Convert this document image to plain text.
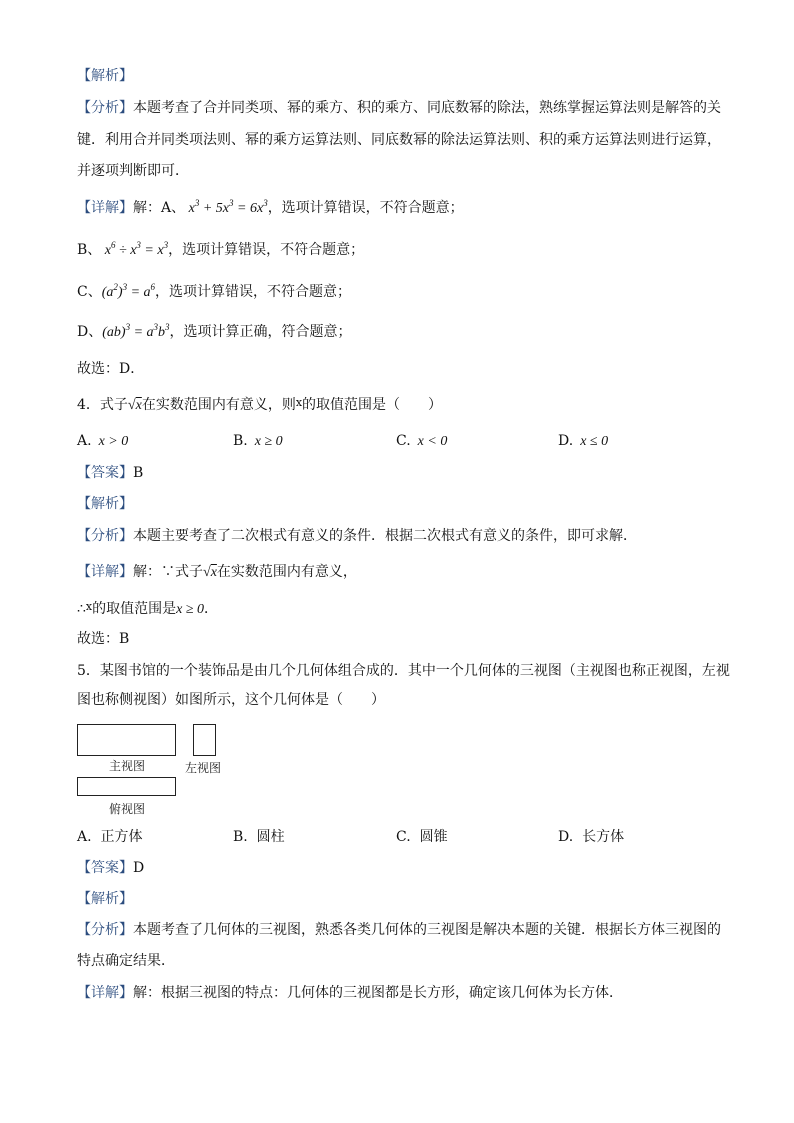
【解析】
【分析】本题考查了合并同类项、幂的乘方、积的乘方、同底数幂的除法，熟练掌握运算法则是解答的关
键．利用合并同类项法则、幂的乘方运算法则、同底数幂的除法运算法则、积的乘方运算法则进行运算，
并逐项判断即可．
【详解】解：A、 $x^3 + 5x^3 = 6x^3$，选项计算错误，不符合题意；
B、 $x^6 \div x^3 = x^3$，选项计算错误，不符合题意；
C、$(a^2)^3 = a^6$，选项计算错误，不符合题意；
D、$(ab)^3 = a^3b^3$，选项计算正确，符合题意；
故选：D．
4．式子√x在实数范围内有意义，则$^x$的取值范围是（　　）
A.  x > 0	B.  x ≥ 0	C.  x < 0	D.  x ≤ 0
【答案】B
【解析】
【分析】本题主要考查了二次根式有意义的条件．根据二次根式有意义的条件，即可求解．
【详解】解：∵式子√x在实数范围内有意义，
∴$^x$的取值范围是x ≥ 0．
故选：B
5．某图书馆的一个装饰品是由几个几何体组合成的．其中一个几何体的三视图（主视图也称正视图，左视
图也称侧视图）如图所示，这个几何体是（　　）
主视图	左视图
俯视图
A. 正方体	B. 圆柱	C. 圆锥	D. 长方体
【答案】D
【解析】
【分析】本题考查了几何体的三视图，熟悉各类几何体的三视图是解决本题的关键．根据长方体三视图的
特点确定结果．
【详解】解：根据三视图的特点：几何体的三视图都是长方形，确定该几何体为长方体．
